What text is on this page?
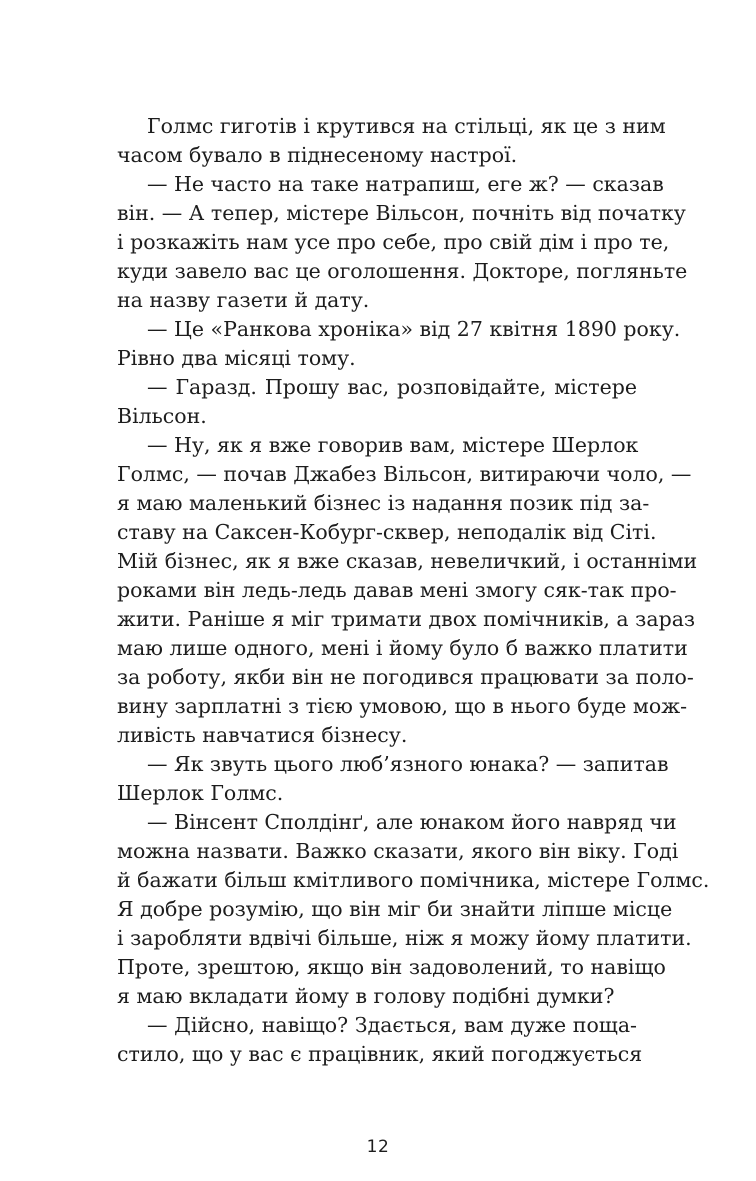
Голмс гиготів і крутився на стільці, як це з ним
часом бувало в піднесеному настрої.
— Не часто на таке натрапиш, еге ж? — сказав
він. — А тепер, містере Вільсон, почніть від початку
і розкажіть нам усе про себе, про свій дім і про те,
куди завело вас це оголошення. Докторе, погляньте
на назву газети й дату.
— Це «Ранкова хроніка» від 27 квітня 1890 року.
Рівно два місяці тому.
— Гаразд. Прошу вас, розповідайте, містере
Вільсон.
— Ну, як я вже говорив вам, містере Шерлок
Голмс, — почав Джабез Вільсон, витираючи чоло, —
я маю маленький бізнес із надання позик під за-
ставу на Саксен-Кобург-сквер, неподалік від Сіті.
Мій бізнес, як я вже сказав, невеличкий, і останніми
роками він ледь-ледь давав мені змогу сяк-так про-
жити. Раніше я міг тримати двох помічників, а зараз
маю лише одного, мені і йому було б важко платити
за роботу, якби він не погодився працювати за поло-
вину зарплатні з тією умовою, що в нього буде мож-
ливість навчатися бізнесу.
— Як звуть цього люб’язного юнака? — запитав
Шерлок Голмс.
— Вінсент Сполдінґ, але юнаком його навряд чи
можна назвати. Важко сказати, якого він віку. Годі
й бажати більш кмітливого помічника, містере Голмс.
Я добре розумію, що він міг би знайти ліпше місце
і заробляти вдвічі більше, ніж я можу йому платити.
Проте, зрештою, якщо він задоволений, то навіщо
я маю вкладати йому в голову подібні думки?
— Дійсно, навіщо? Здається, вам дуже поща-
стило, що у вас є працівник, який погоджується
12
